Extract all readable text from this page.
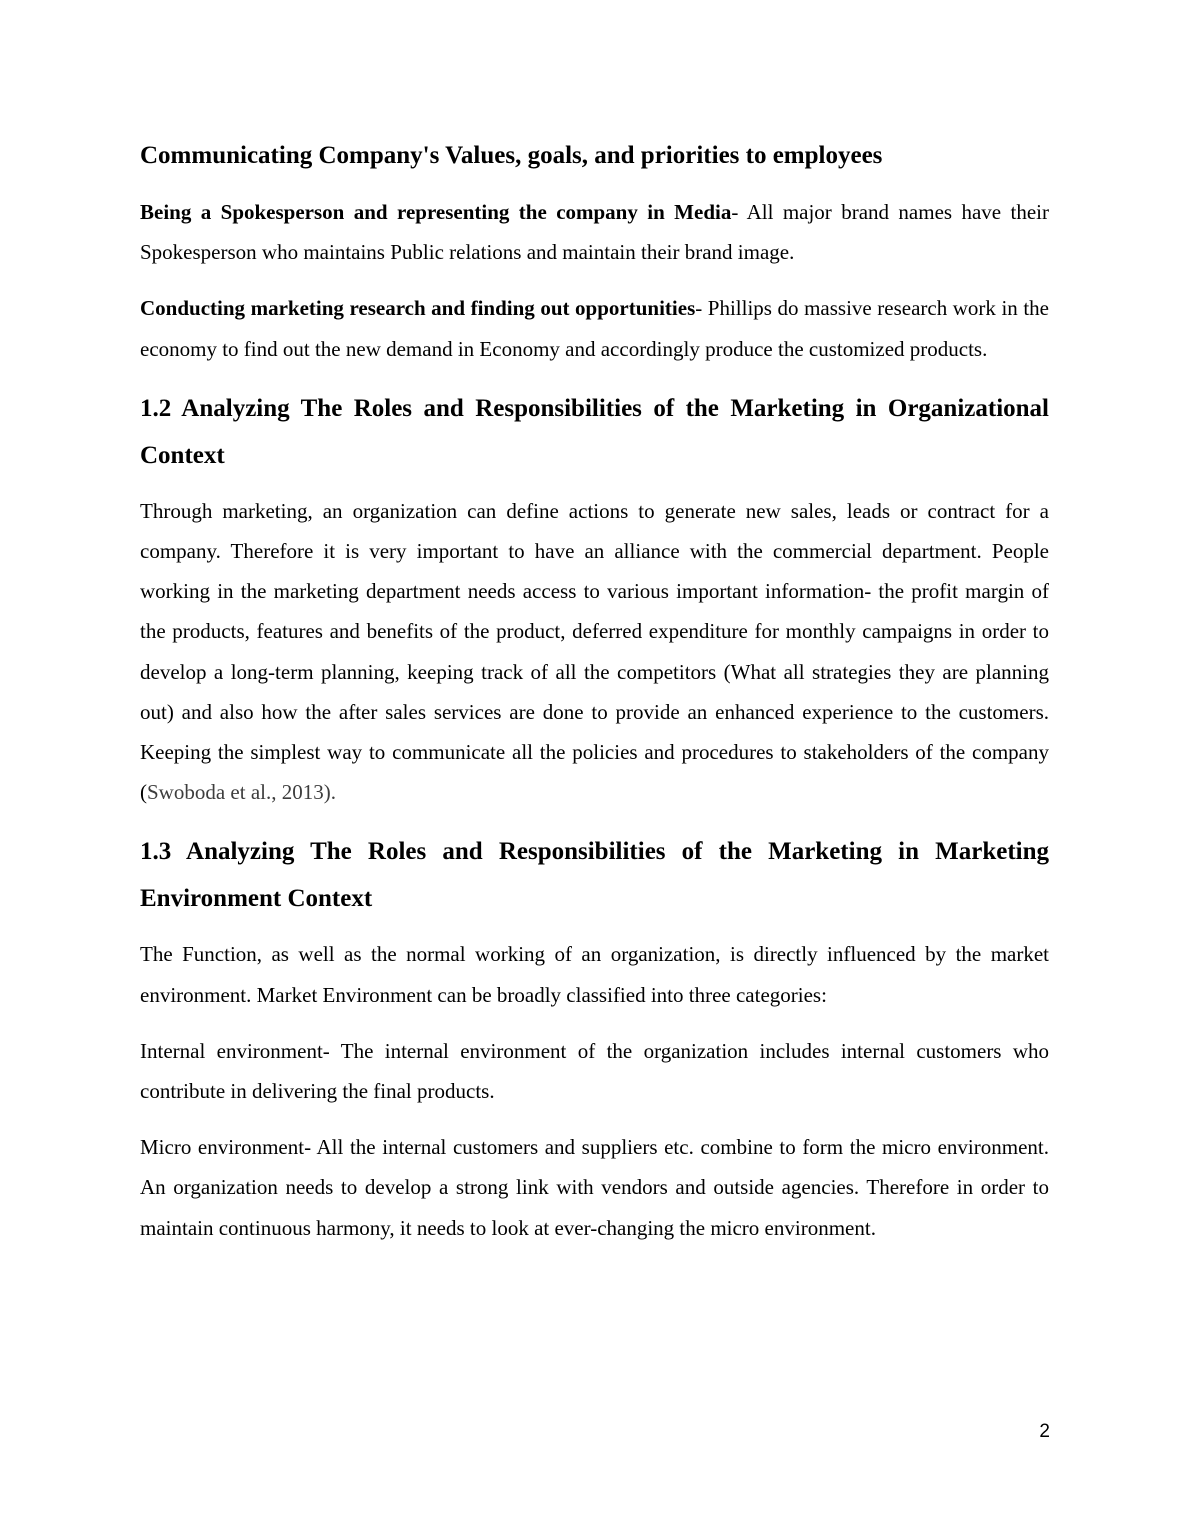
Communicating Company's Values, goals, and priorities to employees

Being a Spokesperson and representing the company in Media- All major brand names have their Spokesperson who maintains Public relations and maintain their brand image.

Conducting marketing research and finding out opportunities- Phillips do massive research work in the economy to find out the new demand in Economy and accordingly produce the customized products.

1.2 Analyzing The Roles and Responsibilities of the Marketing in Organizational Context

Through marketing, an organization can define actions to generate new sales, leads or contract for a company. Therefore it is very important to have an alliance with the commercial department. People working in the marketing department needs access to various important information- the profit margin of the products, features and benefits of the product, deferred expenditure for monthly campaigns in order to develop a long-term planning, keeping track of all the competitors (What all strategies they are planning out) and also how the after sales services are done to provide an enhanced experience to the customers. Keeping the simplest way to communicate all the policies and procedures to stakeholders of the company (Swoboda et al., 2013).

1.3 Analyzing The Roles and Responsibilities of the Marketing in Marketing Environment Context

The Function, as well as the normal working of an organization, is directly influenced by the market environment. Market Environment can be broadly classified into three categories:

Internal environment- The internal environment of the organization includes internal customers who contribute in delivering the final products.

Micro environment- All the internal customers and suppliers etc. combine to form the micro environment. An organization needs to develop a strong link with vendors and outside agencies. Therefore in order to maintain continuous harmony, it needs to look at ever-changing the micro environment.

2
